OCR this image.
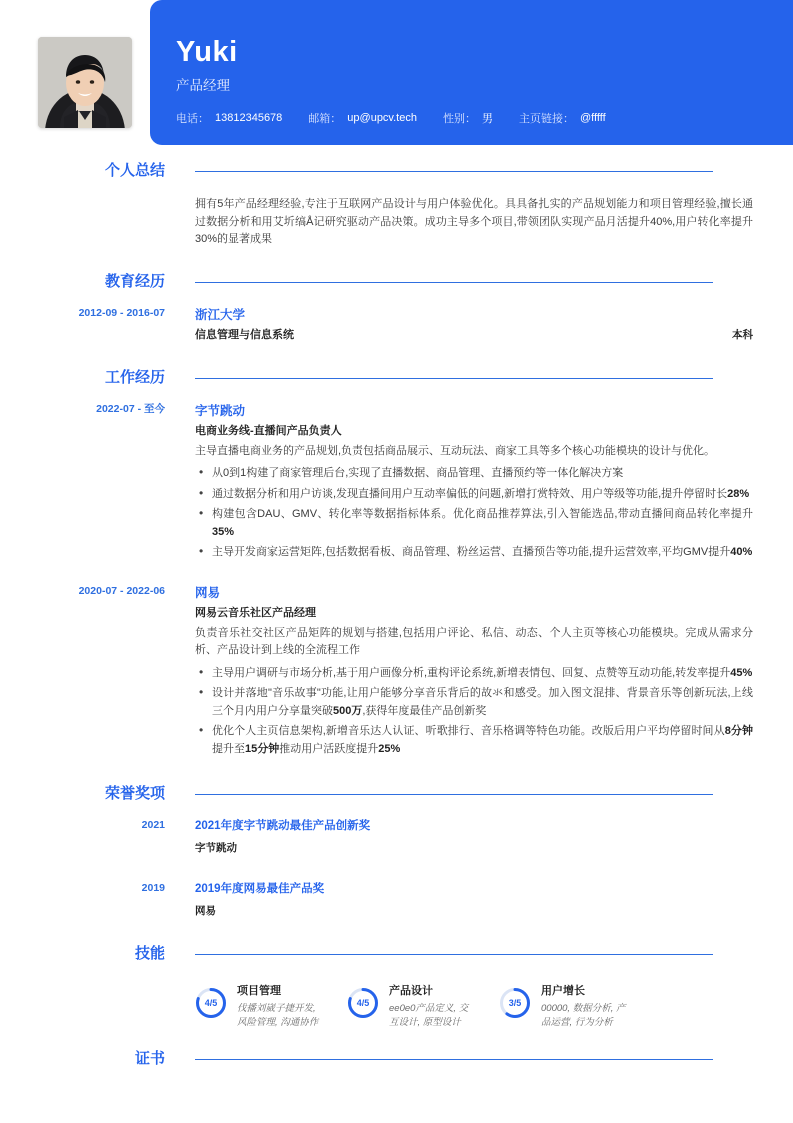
Yuki
产品经理
电话： 13812345678 邮箱： up@upcv.tech 性别： 男 主页链接： @fffff
个人总结
拥有5年产品经理经验,专注于互联网产品设计与用户体验优化。具具备扎实的产品规划能力和项目管理经验,擅长通过数据分析和用艾圻缟Å记研究驱动产品决策。成功主导多个项目,带领团队实现产品月活提升40%,用户转化率提升30%的显著成果
教育经历
2012-09 - 2016-07 浙江大学
信息管理与信息系统	本科
工作经历
2022-07 - 至今 字节跳动
电商业务线-直播间产品负责人
主导直播电商业务的产品规划,负责包括商品展示、互动玩法、商家工具等多个核心功能模块的设计与优化。
• 从0到1构建了商家管理后台,实现了直播数据、商品管理、直播预约等一体化解决方案
• 通过数据分析和用户访谈,发现直播间用户互动率偏低的问题,新增打赏特效、用户等级等功能,提升停留时长28%
• 构建包含DAU、GMV、转化率等数据指标体系。优化商品推荐算法,引入智能选品,带动直播间商品转化率提升35%
• 主导开发商家运营矩阵,包括数据看板、商品管理、粉丝运营、直播预告等功能,提升运营效率,平均GMV提升40%
2020-07 - 2022-06 网易
网易云音乐社区产品经理
负责音乐社交社区产品矩阵的规划与搭建,包括用户评论、私信、动态、个人主页等核心功能模块。完成从需求分析、产品设计到上线的全流程工作
• 主导用户调研与市场分析,基于用户画像分析,重构评论系统,新增表情包、回复、点赞等互动功能,转发率提升45%
• 设计并落地"音乐故事"功能,让用户能够分享音乐背后的故氺和感受。加入图文混排、背景音乐等创新玩法,上线三个月内用户分享量突破500万,获得年度最佳产品创新奖
• 优化个人主页信息架构,新增音乐达人认证、听歌排行、音乐格调等特色功能。改版后用户平均停留时间从8分钟提升至15分钟推动用户活跃度提升25%
荣誉奖项
2021	2021年度字节跳动最佳产品创新奖
字节跳动
2019	2019年度网易最佳产品奖
网易
技能
4/5
项目管理
伐播刘崴子捷开发, 风险管理, 沟通协作
4/5
产品设计
ee0e0产品定义, 交互设计, 原型设计
3/5
用户增长
00000, 数据分析, 产品运营, 行为分析
证书
